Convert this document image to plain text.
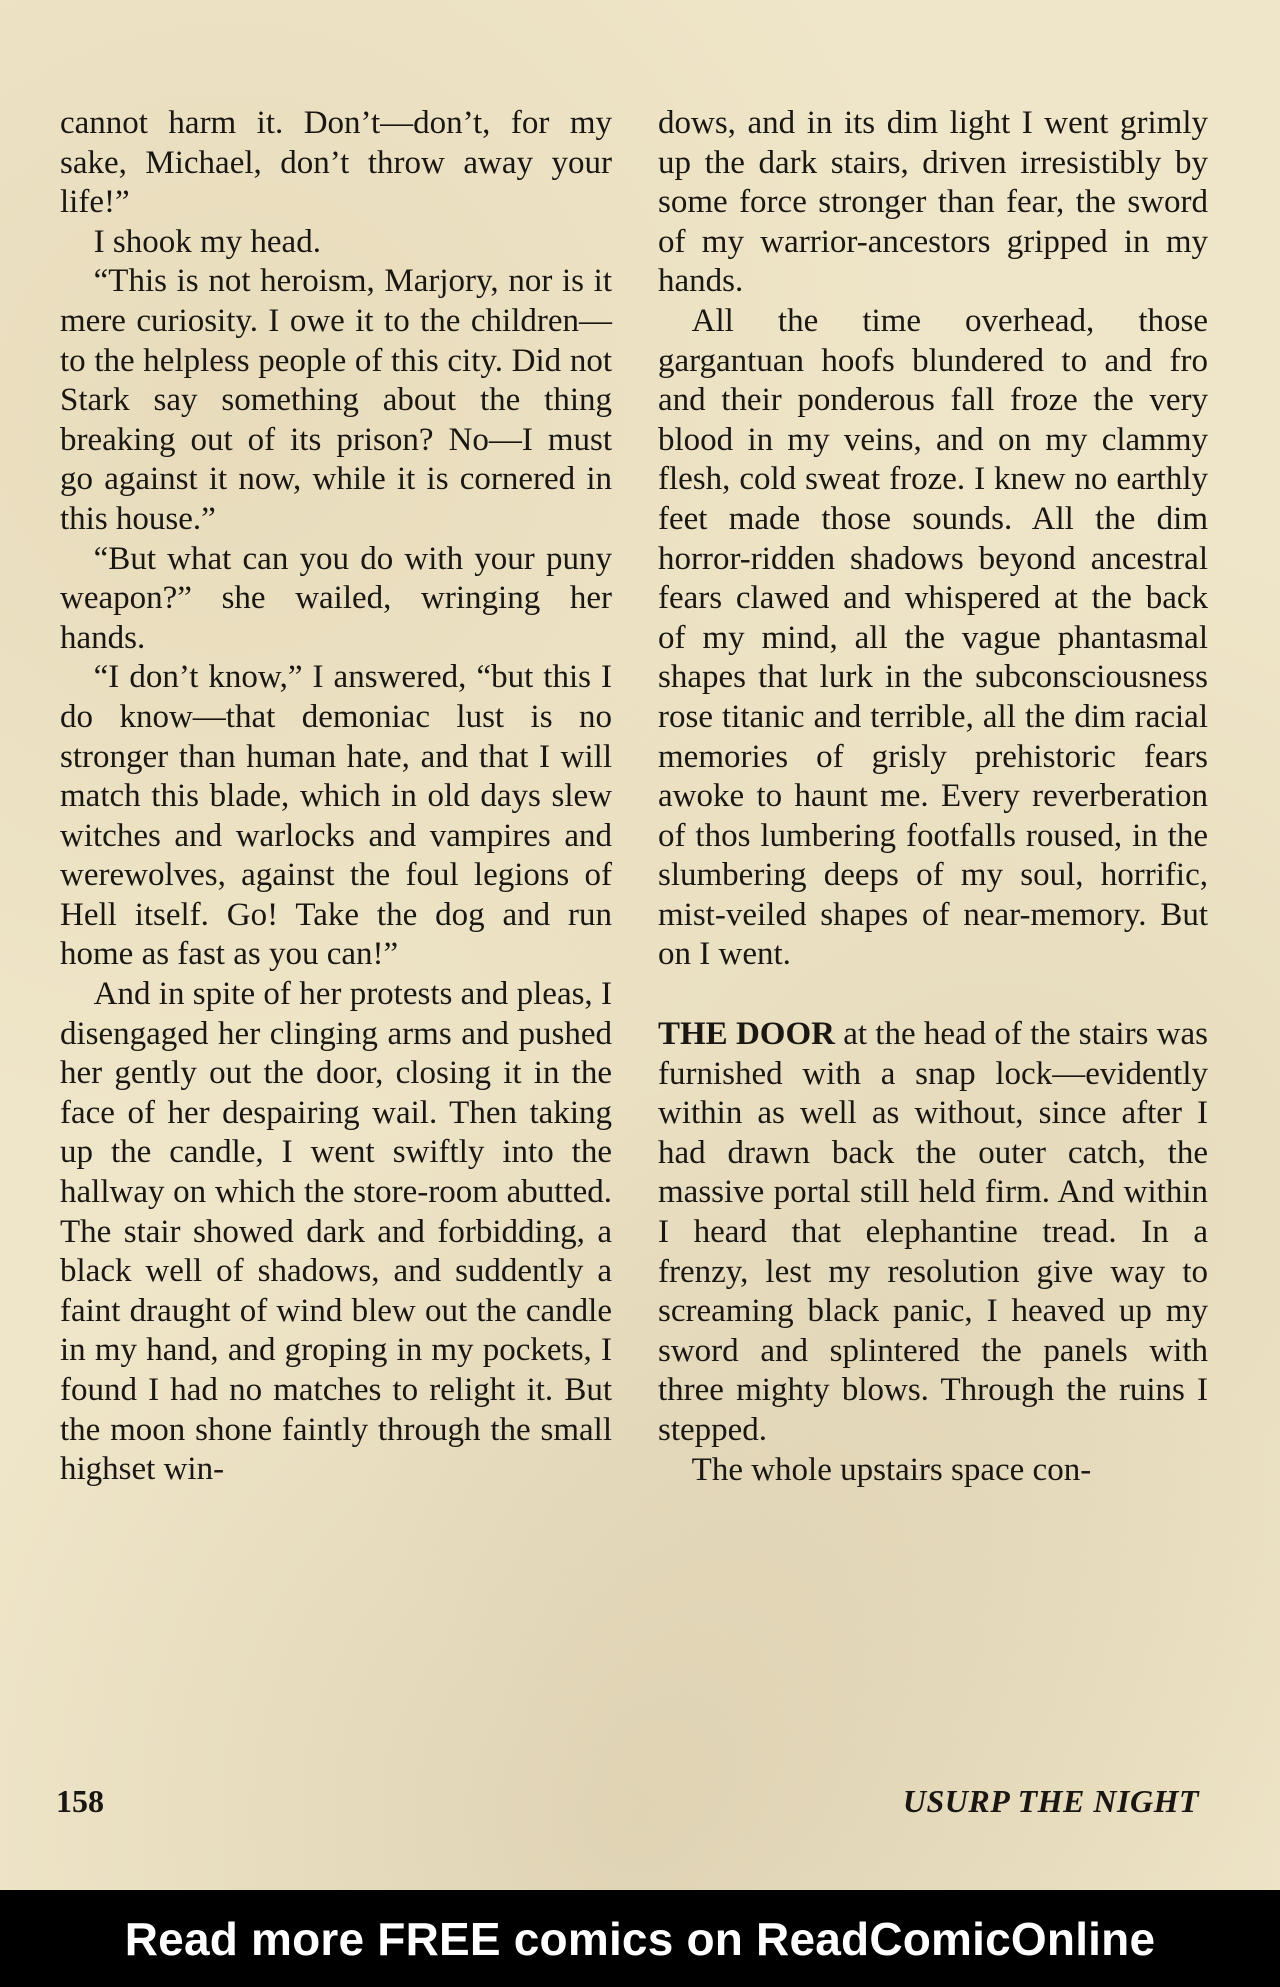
cannot harm it. Don’t—don’t, for my sake, Michael, don’t throw away your life!”

I shook my head.

“This is not heroism, Marjory, nor is it mere curiosity. I owe it to the children—to the helpless people of this city. Did not Stark say something about the thing breaking out of its prison? No—I must go against it now, while it is cornered in this house.”

“But what can you do with your puny weapon?” she wailed, wringing her hands.

“I don’t know,” I answered, “but this I do know—that demoniac lust is no stronger than human hate, and that I will match this blade, which in old days slew witches and warlocks and vampires and werewolves, against the foul legions of Hell itself. Go! Take the dog and run home as fast as you can!”

And in spite of her protests and pleas, I disengaged her clinging arms and pushed her gently out the door, closing it in the face of her despairing wail. Then taking up the candle, I went swiftly into the hallway on which the store-room abutted. The stair showed dark and forbidding, a black well of shadows, and suddently a faint draught of wind blew out the candle in my hand, and groping in my pockets, I found I had no matches to relight it. But the moon shone faintly through the small highset win-

dows, and in its dim light I went grimly up the dark stairs, driven irresistibly by some force stronger than fear, the sword of my warrior-ancestors gripped in my hands.

All the time overhead, those gargantuan hoofs blundered to and fro and their ponderous fall froze the very blood in my veins, and on my clammy flesh, cold sweat froze. I knew no earthly feet made those sounds. All the dim horror-ridden shadows beyond ancestral fears clawed and whispered at the back of my mind, all the vague phantasmal shapes that lurk in the subconsciousness rose titanic and terrible, all the dim racial memories of grisly prehistoric fears awoke to haunt me. Every reverberation of thos lumbering footfalls roused, in the slumbering deeps of my soul, horrific, mist-veiled shapes of near-memory. But on I went.

THE DOOR at the head of the stairs was furnished with a snap lock—evidently within as well as without, since after I had drawn back the outer catch, the massive portal still held firm. And within I heard that elephantine tread. In a frenzy, lest my resolution give way to screaming black panic, I heaved up my sword and splintered the panels with three mighty blows. Through the ruins I stepped.

The whole upstairs space con-

158	USURP THE NIGHT
Read more FREE comics on ReadComicOnline
